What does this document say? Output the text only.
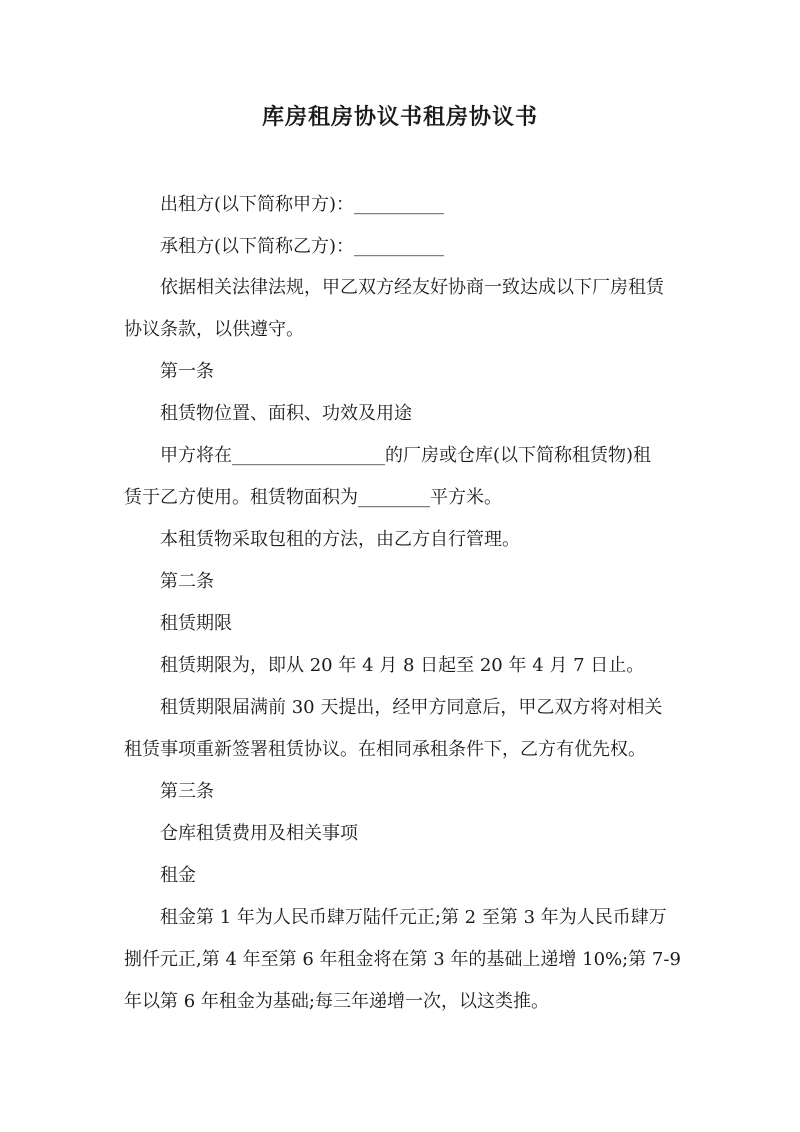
库房租房协议书租房协议书

出租方(以下简称甲方)：__________

承租方(以下简称乙方)：__________

依据相关法律法规，甲乙双方经友好协商一致达成以下厂房租赁

协议条款，以供遵守。

第一条

租赁物位置、面积、功效及用途

甲方将在_________________的厂房或仓库(以下简称租赁物)租

赁于乙方使用。租赁物面积为________平方米。

本租赁物采取包租的方法，由乙方自行管理。

第二条

租赁期限

租赁期限为，即从 20 年 4 月 8 日起至 20 年 4 月 7 日止。

租赁期限届满前 30 天提出，经甲方同意后，甲乙双方将对相关

租赁事项重新签署租赁协议。在相同承租条件下，乙方有优先权。

第三条

仓库租赁费用及相关事项

租金

租金第 1 年为人民币肆万陆仟元正;第 2 至第 3 年为人民币肆万

捌仟元正,第 4 年至第 6 年租金将在第 3 年的基础上递增 10%;第 7-9

年以第 6 年租金为基础;每三年递增一次，以这类推。
